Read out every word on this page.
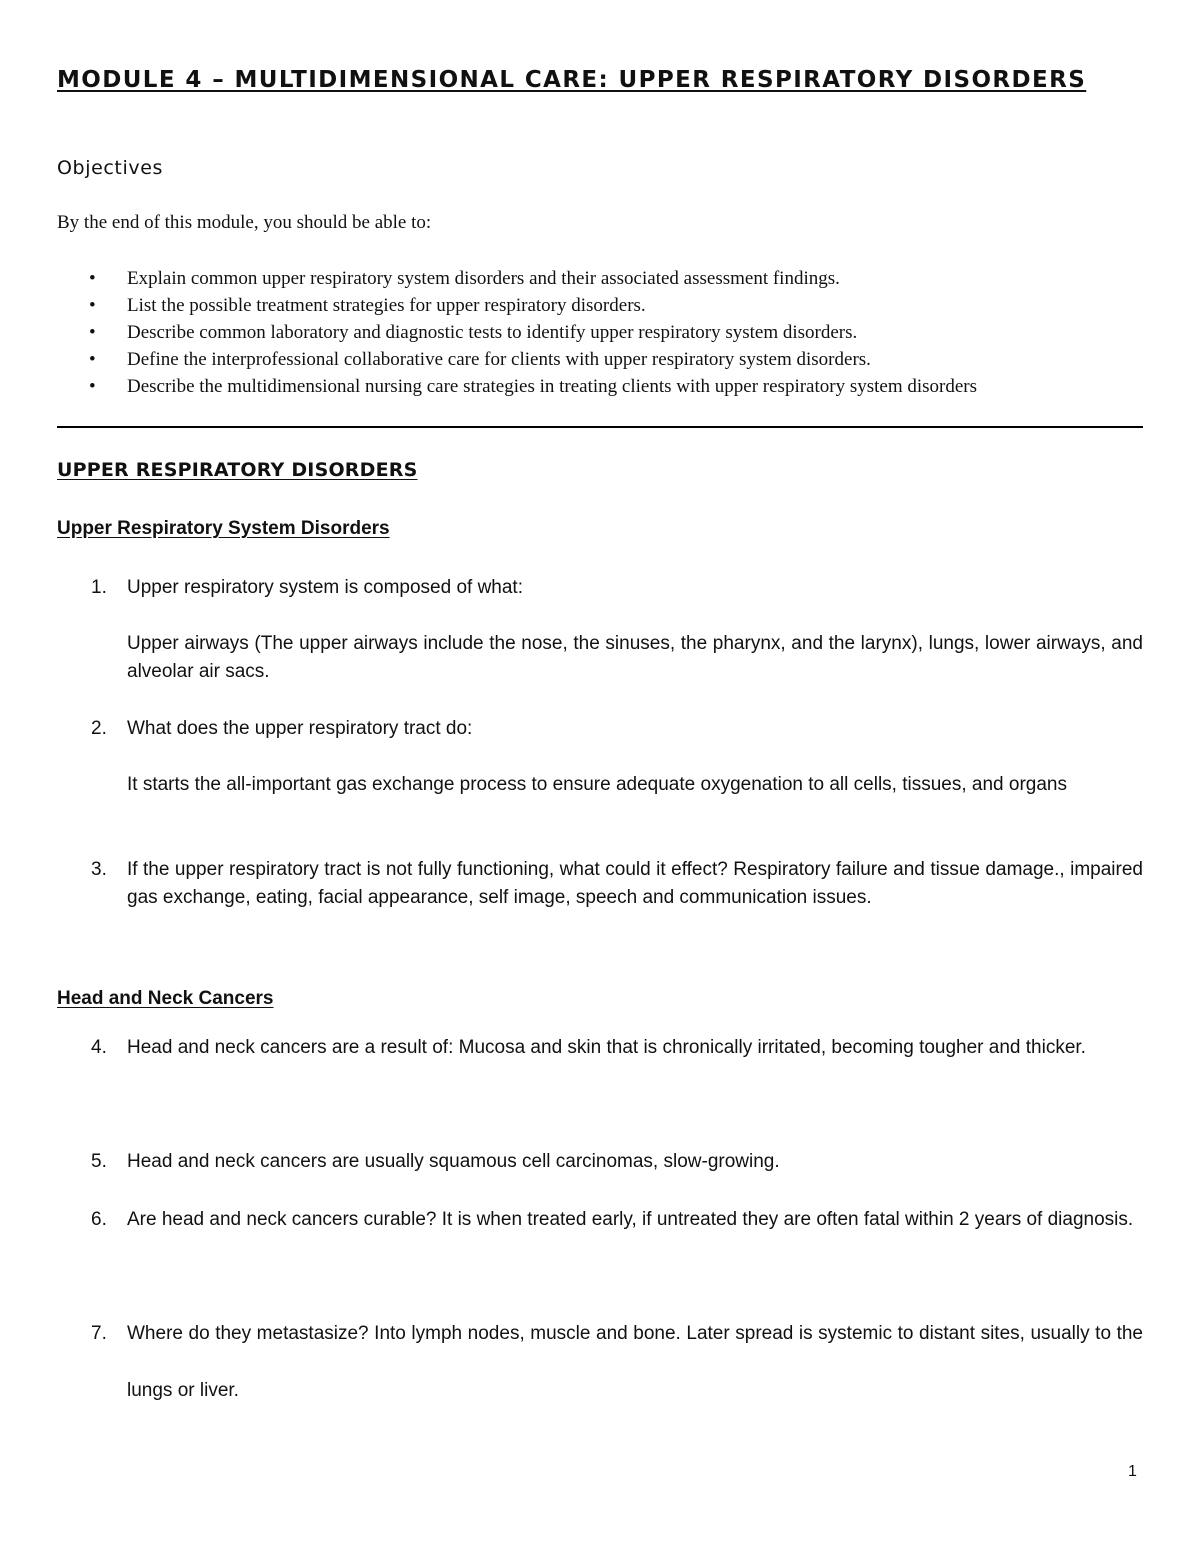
MODULE 4 – MULTIDIMENSIONAL CARE: UPPER RESPIRATORY DISORDERS
Objectives

By the end of this module, you should be able to:

• Explain common upper respiratory system disorders and their associated assessment findings.
• List the possible treatment strategies for upper respiratory disorders.
• Describe common laboratory and diagnostic tests to identify upper respiratory system disorders.
• Define the interprofessional collaborative care for clients with upper respiratory system disorders.
• Describe the multidimensional nursing care strategies in treating clients with upper respiratory system disorders
UPPER RESPIRATORY DISORDERS
Upper Respiratory System Disorders
1.	Upper respiratory system is composed of what:
Upper airways (The upper airways include the nose, the sinuses, the pharynx, and the larynx), lungs, lower airways, and alveolar air sacs.
2.	What does the upper respiratory tract do:
It starts the all-important gas exchange process to ensure adequate oxygenation to all cells, tissues, and organs
3.	If the upper respiratory tract is not fully functioning, what could it effect? Respiratory failure and tissue damage., impaired gas exchange, eating, facial appearance, self image, speech and communication issues.
Head and Neck Cancers
4.	Head and neck cancers are a result of: Mucosa and skin that is chronically irritated, becoming tougher and thicker.
5.	Head and neck cancers are usually squamous cell carcinomas, slow-growing.
6.	Are head and neck cancers curable? It is when treated early, if untreated they are often fatal within 2 years of diagnosis.
7.	Where do they metastasize? Into lymph nodes, muscle and bone. Later spread is systemic to distant sites, usually to the lungs or liver.
1
